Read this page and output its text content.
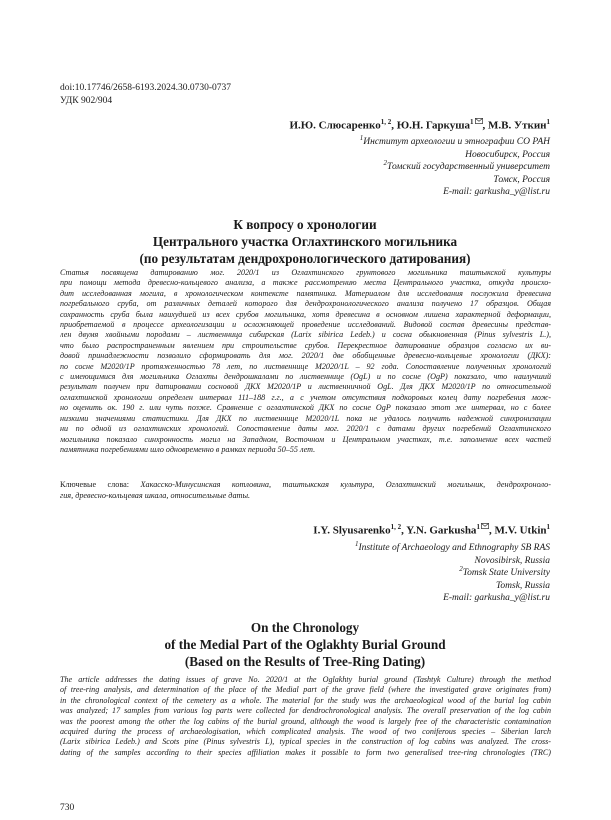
doi:10.17746/2658-6193.2024.30.0730-0737
УДК 902/904
И.Ю. Слюсаренко$^{1, 2}$, Ю.Н. Гаркуша$^1$ , М.В. Уткин$^1$
$^1$Институт археологии и этнографии СО РАН
Новосибирск, Россия
$^2$Томский государственный университет
Томск, Россия
E-mail: garkusha_y@list.ru
К вопросу о хронологии
Центрального участка Оглахтинского могильника
(по результатам дендрохронологического датирования)
Статья посвящена датированию мог. 2020/1 из Оглахтинского грунтового могильника таштыкской культуры
при помощи метода древесно-кольцевого анализа, а также рассмотрению места Центрального участка, откуда происхо-
дит исследованная могила, в хронологическом контексте памятника. Материалом для исследования послужила древесина
погребального сруба, от различных деталей которого для дендрохронологического анализа получено 17 образцов. Общая
сохранность сруба была наихудшей из всех срубов могильника, хотя древесина в основном лишена характерной деформации,
приобретаемой в процессе археологизации и осложняющей проведение исследований. Видовой состав древесины представ-
лен двумя хвойными породами – лиственница сибирская (Larix sibirica Ledeb.) и сосна обыкновенная (Pinus sylvestris L.),
что было распространенным явлением при строительстве срубов. Перекрестное датирование образцов согласно их ви-
довой принадлежности позволило сформировать для мог. 2020/1 две обобщенные древесно-кольцевые хронологии (ДКХ):
по сосне M2020/1P протяженностью 78 лет, по лиственнице M2020/1L – 92 года. Сопоставление полученных хронологий
с имеющимися для могильника Оглахты дендрошкалами по лиственнице (OgL) и по сосне (OgP) показало, что наилучший
результат получен при датировании сосновой ДКХ M2020/1P и лиственничной OgL. Для ДКХ M2020/1P по относительной
оглахтинской хронологии определен интервал 111–188 г.г., а с учетом отсутствия подкоровых колец дату погребения мож-
но оценить ок. 190 г. или чуть позже. Сравнение с оглахтинской ДКХ по сосне OgP показало этот же интервал, но с более
низкими значениями статистики. Для ДКХ по лиственнице M2020/1L пока не удалось получить надежной синхронизации
ни по одной из оглахтинских хронологий. Сопоставление даты мог. 2020/1 с датами других погребений Оглахтинского
могильника показало синхронность могил на Западном, Восточном и Центральном участках, т.е. заполнение всех частей
памятника погребениями шло одновременно в рамках периода 50–55 лет.
Ключевые слова: Хакасско-Минусинская котловина, таштыкская культура, Оглахтинский могильник, дендрохроноло-
гия, древесно-кольцевая шкала, относительные даты.
I.Y. Slyusarenko$^{1, 2}$, Y.N. Garkusha$^1$ , M.V. Utkin$^1$
$^1$Institute of Archaeology and Ethnography SB RAS
Novosibirsk, Russia
$^2$Tomsk State University
Tomsk, Russia
E-mail: garkusha_y@list.ru
On the Chronology
of the Medial Part of the Oglakhty Burial Ground
(Based on the Results of Tree-Ring Dating)
The article addresses the dating issues of grave No. 2020/1 at the Oglakhty burial ground (Tashtyk Culture) through the method
of tree-ring analysis, and determination of the place of the Medial part of the grave field (where the investigated grave originates from)
in the chronological context of the cemetery as a whole. The material for the study was the archaeological wood of the burial log cabin
was analyzed; 17 samples from various log parts were collected for dendrochronological analysis. The overall preservation of the log cabin
was the poorest among the other the log cabins of the burial ground, although the wood is largely free of the characteristic contamination
acquired during the process of archaeologisation, which complicated analysis. The wood of two coniferous species – Siberian larch
(Larix sibirica Ledeb.) and Scots pine (Pinus sylvestris L), typical species in the construction of log cabins was analyzed. The cross-
dating of the samples according to their species affiliation makes it possible to form two generalised tree-ring chronologies (TRC)
730
